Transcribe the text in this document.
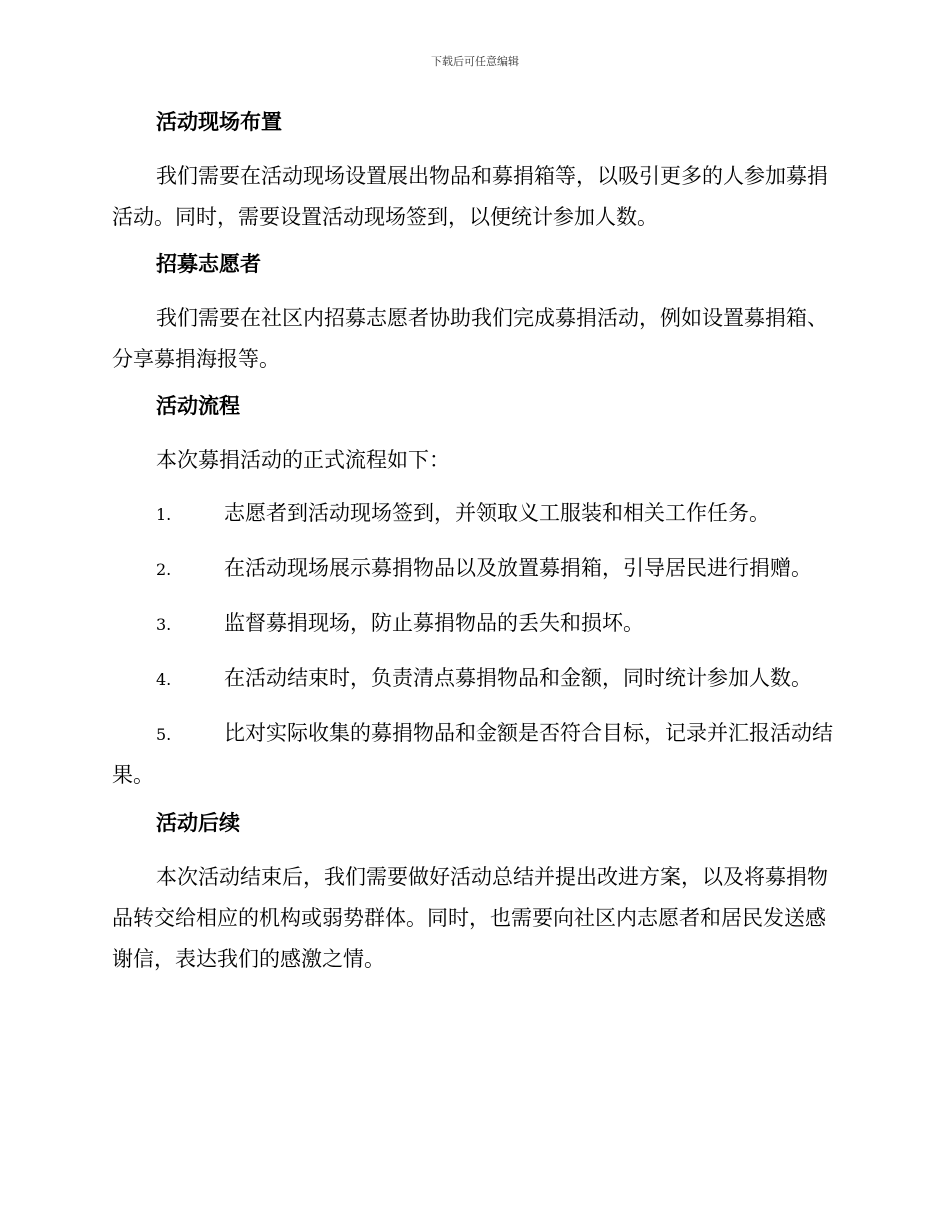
下载后可任意编辑
活动现场布置
我们需要在活动现场设置展出物品和募捐箱等，以吸引更多的人参加募捐活动。同时，需要设置活动现场签到，以便统计参加人数。
招募志愿者
我们需要在社区内招募志愿者协助我们完成募捐活动，例如设置募捐箱、分享募捐海报等。
活动流程
本次募捐活动的正式流程如下：
1.	志愿者到活动现场签到，并领取义工服装和相关工作任务。
2.	在活动现场展示募捐物品以及放置募捐箱，引导居民进行捐赠。
3.	监督募捐现场，防止募捐物品的丢失和损坏。
4.	在活动结束时，负责清点募捐物品和金额，同时统计参加人数。
5.	比对实际收集的募捐物品和金额是否符合目标，记录并汇报活动结果。
活动后续
本次活动结束后，我们需要做好活动总结并提出改进方案，以及将募捐物品转交给相应的机构或弱势群体。同时，也需要向社区内志愿者和居民发送感谢信，表达我们的感激之情。
